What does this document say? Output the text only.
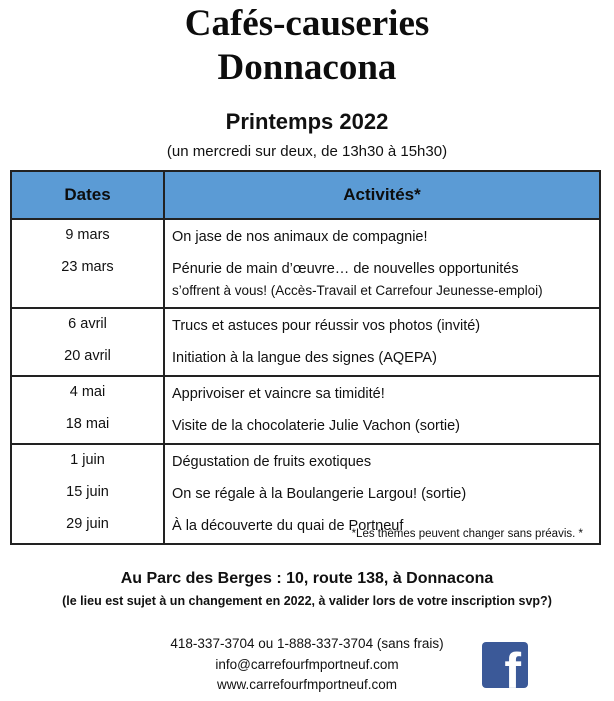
Cafés-causeries
Donnacona
Printemps 2022
(un mercredi sur deux, de 13h30 à 15h30)
Dates	Activités*
9 mars	On jase de nos animaux de compagnie!
23 mars	Pénurie de main d’œuvre… de nouvelles opportunités
s’offrent à vous! (Accès-Travail et Carrefour Jeunesse-emploi)

6 avril	Trucs et astuces pour réussir vos photos (invité)
20 avril	Initiation à la langue des signes (AQEPA)
4 mai	Apprivoiser et vaincre sa timidité!
18 mai	Visite de la chocolaterie Julie Vachon (sortie)
1 juin	Dégustation de fruits exotiques
15 juin	On se régale à la Boulangerie Largou! (sortie)
29 juin	À la découverte du quai de Portneuf
*Les thèmes peuvent changer sans préavis. *
Au Parc des Berges : 10, route 138, à Donnacona
(le lieu est sujet à un changement en 2022, à valider lors de votre inscription svp?)
418-337-3704 ou 1-888-337-3704 (sans frais)
info@carrefourfmportneuf.com
www.carrefourfmportneuf.com	f
